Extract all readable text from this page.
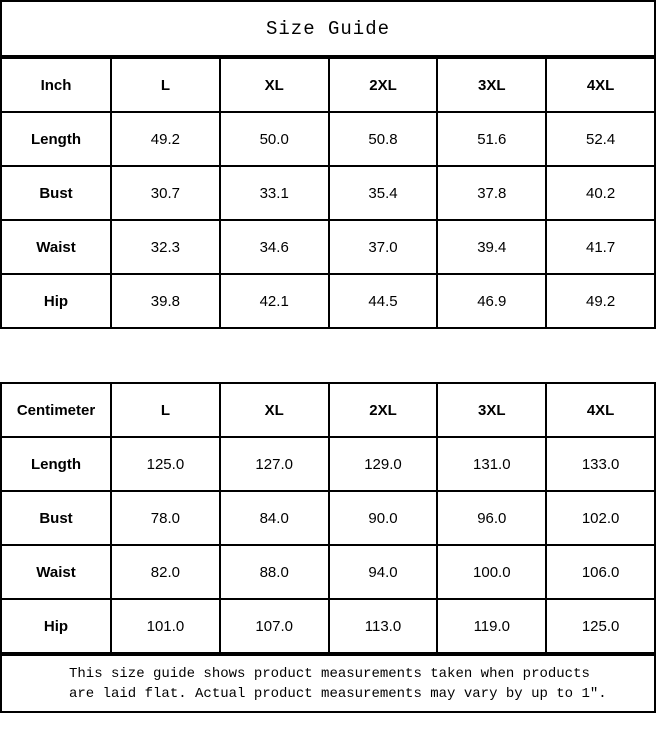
Size Guide
Inch	L	XL	2XL	3XL	4XL
Length	49.2	50.0	50.8	51.6	52.4
Bust	30.7	33.1	35.4	37.8	40.2
Waist	32.3	34.6	37.0	39.4	41.7
Hip	39.8	42.1	44.5	46.9	49.2
Centimeter	L	XL	2XL	3XL	4XL
Length	125.0	127.0	129.0	131.0	133.0
Bust	78.0	84.0	90.0	96.0	102.0
Waist	82.0	88.0	94.0	100.0	106.0
Hip	101.0	107.0	113.0	119.0	125.0
This size guide shows product measurements taken when products
are laid flat. Actual product measurements may vary by up to 1″.
